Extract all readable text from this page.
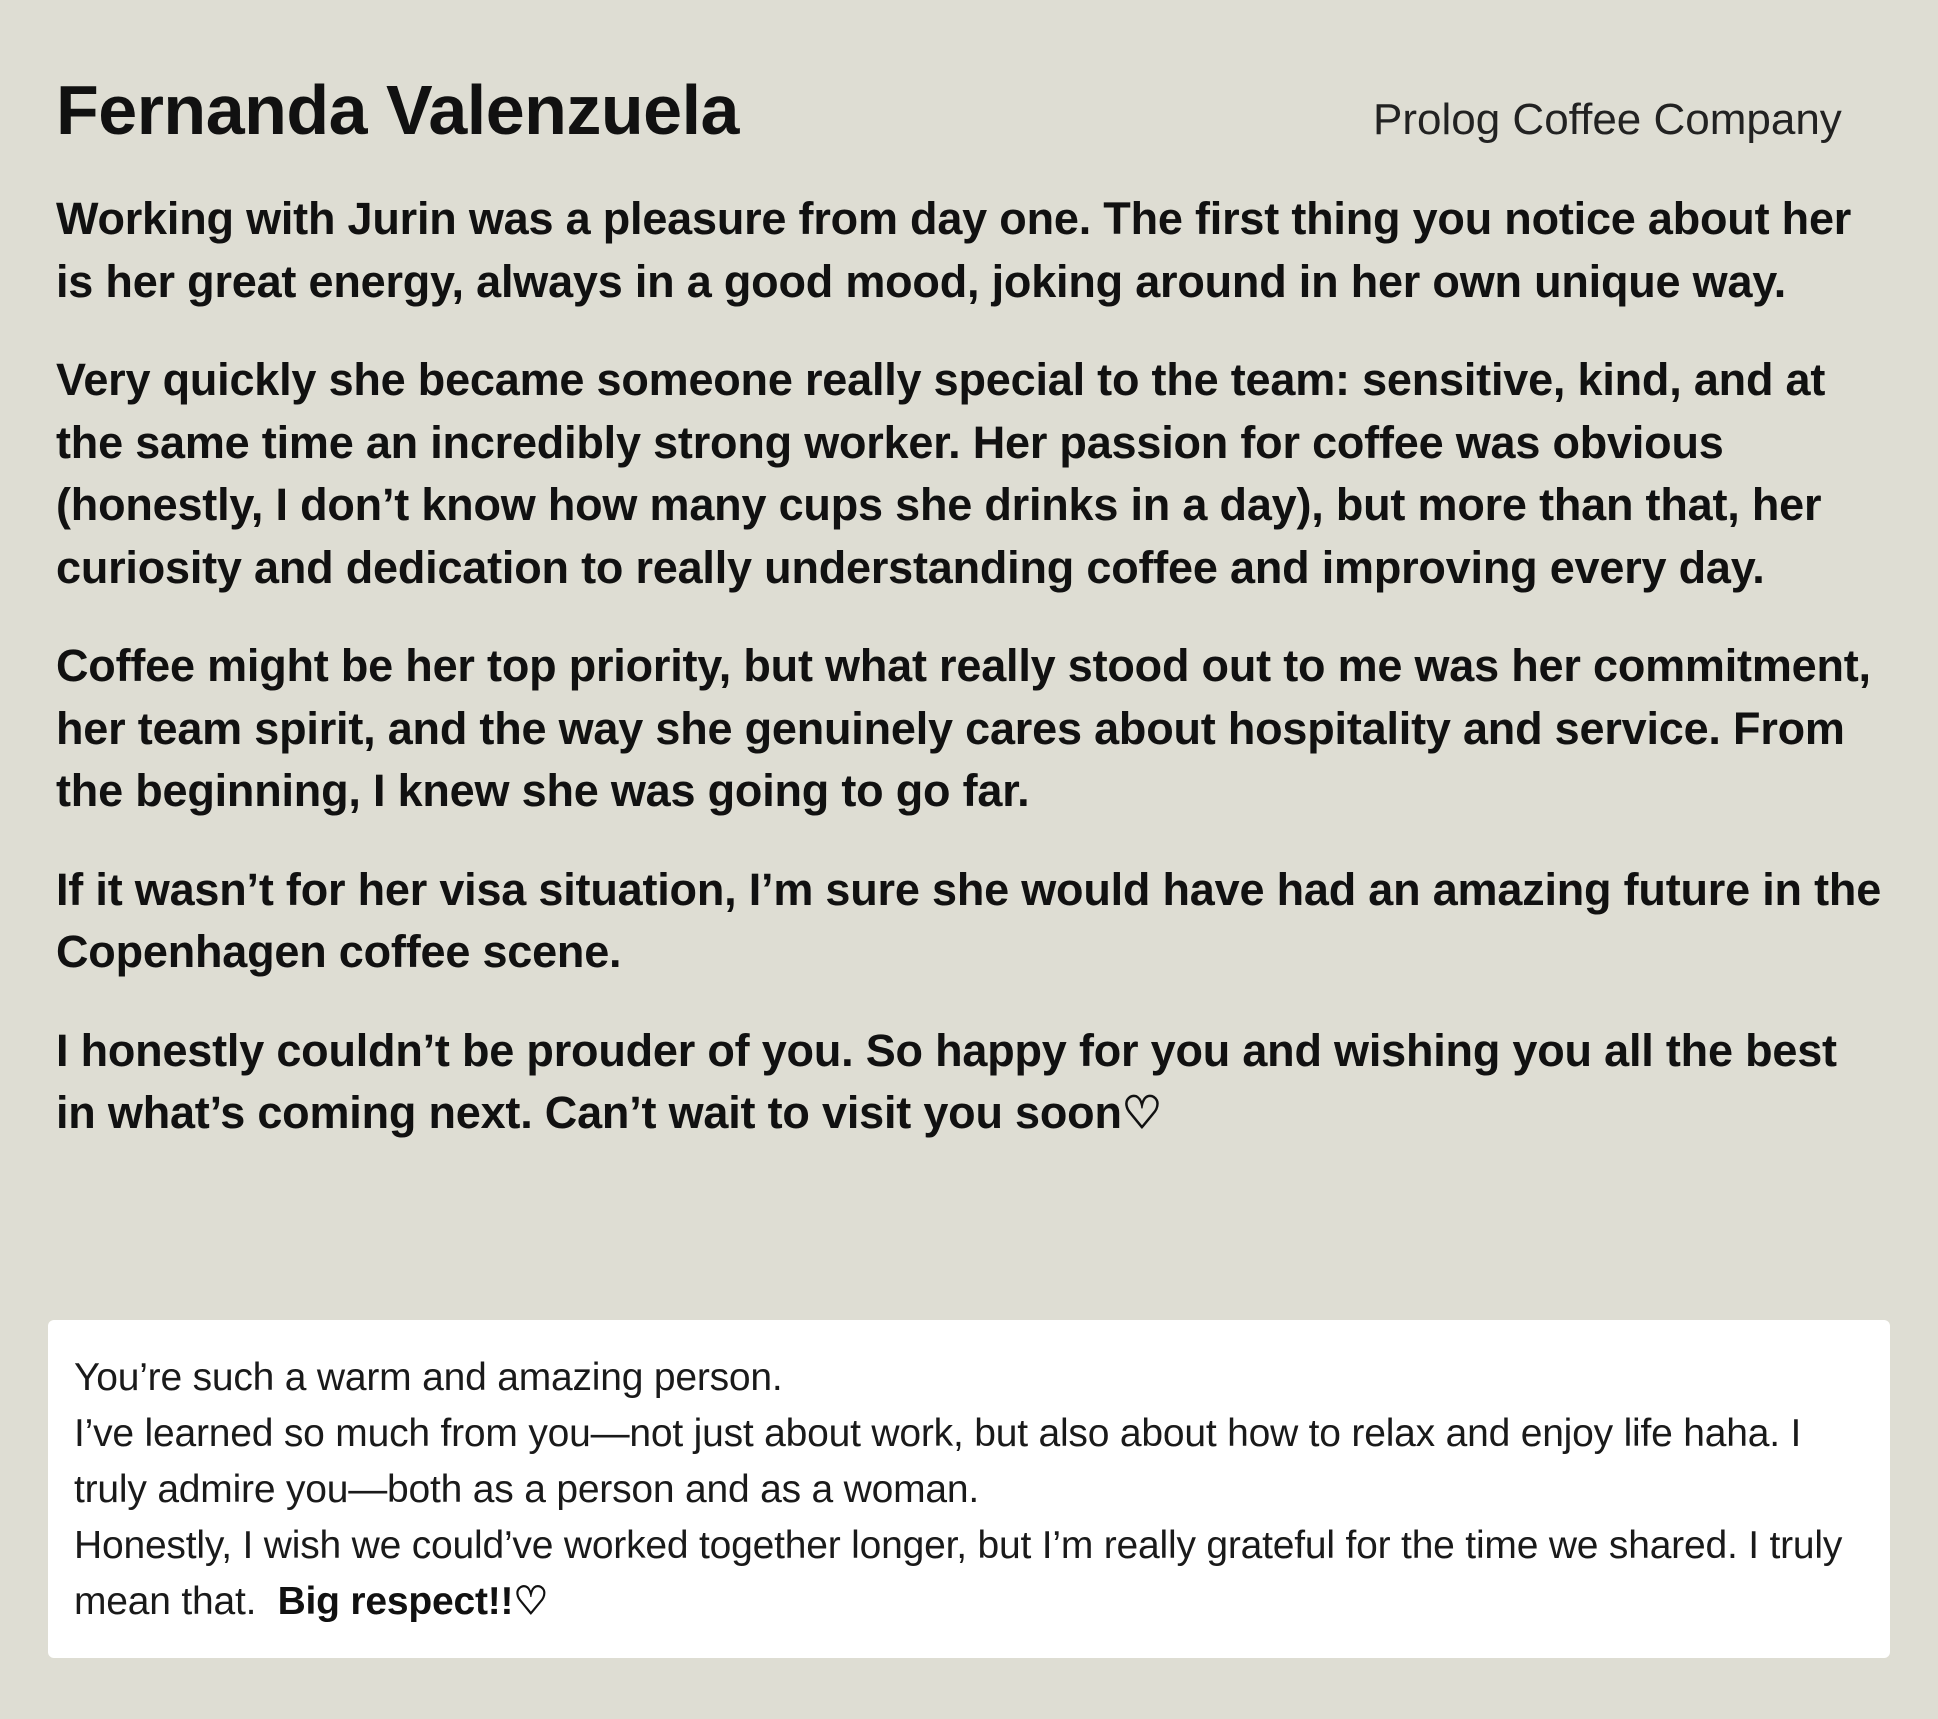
Fernanda Valenzuela	Prolog Coffee Company

Working with Jurin was a pleasure from day one. The first thing you notice about her is her great energy, always in a good mood, joking around in her own unique way.

Very quickly she became someone really special to the team: sensitive, kind, and at the same time an incredibly strong worker. Her passion for coffee was obvious (honestly, I don’t know how many cups she drinks in a day), but more than that, her curiosity and dedication to really understanding coffee and improving every day.

Coffee might be her top priority, but what really stood out to me was her commitment, her team spirit, and the way she genuinely cares about hospitality and service. From the beginning, I knew she was going to go far.

If it wasn’t for her visa situation, I’m sure she would have had an amazing future in the Copenhagen coffee scene.

I honestly couldn’t be prouder of you. So happy for you and wishing you all the best in what’s coming next. Can’t wait to visit you soon♡

You’re such a warm and amazing person.

I’ve learned so much from you—not just about work, but also about how to relax and enjoy life haha. I truly admire you—both as a person and as a woman.

Honestly, I wish we could’ve worked together longer, but I’m really grateful for the time we shared. I truly mean that. Big respect!!♡
